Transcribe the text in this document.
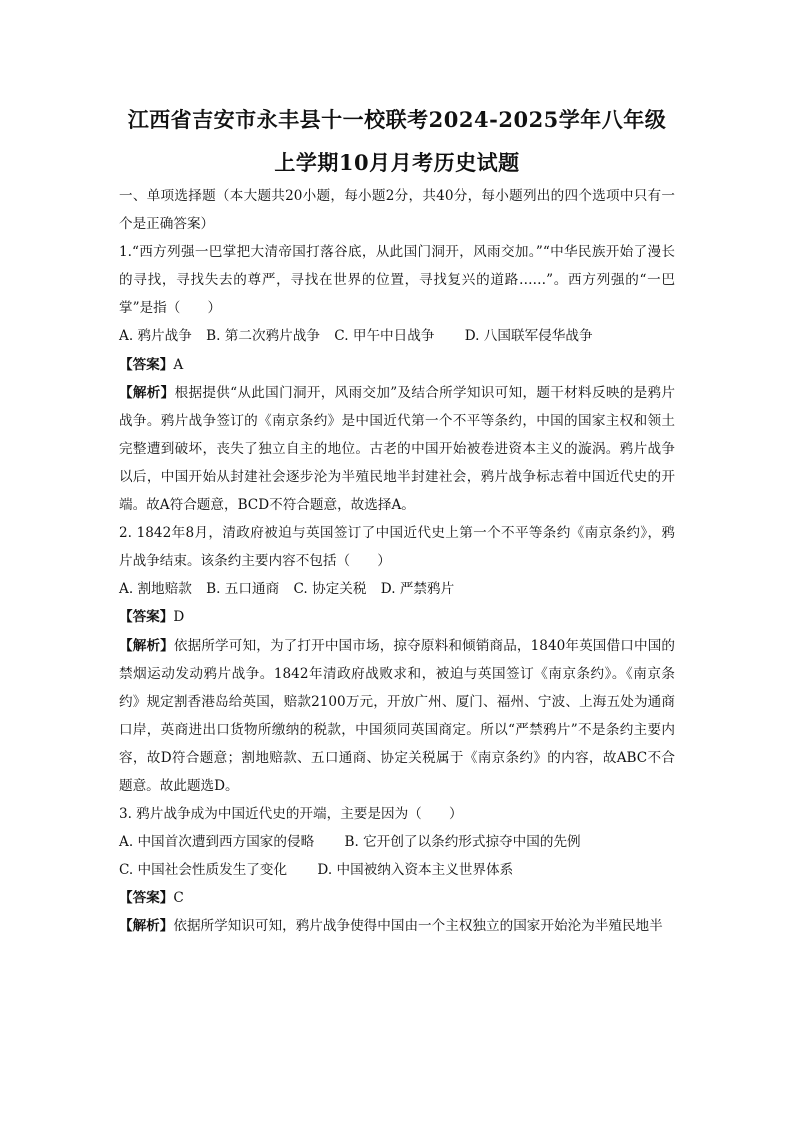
江西省吉安市永丰县十一校联考2024-2025学年八年级
上学期10月月考历史试题

一、单项选择题（本大题共20小题，每小题2分，共40分，每小题列出的四个选项中只有一个是正确答案）

1.“西方列强一巴掌把大清帝国打落谷底，从此国门洞开，风雨交加。”“中华民族开始了漫长的寻找，寻找失去的尊严，寻找在世界的位置，寻找复兴的道路……”。西方列强的“一巴掌”是指（　　）

A. 鸦片战争 B. 第二次鸦片战争 C. 甲午中日战争 D. 八国联军侵华战争

【答案】A

【解析】根据提供“从此国门洞开，风雨交加”及结合所学知识可知，题干材料反映的是鸦片战争。鸦片战争签订的《南京条约》是中国近代第一个不平等条约，中国的国家主权和领土完整遭到破坏，丧失了独立自主的地位。古老的中国开始被卷进资本主义的漩涡。鸦片战争以后，中国开始从封建社会逐步沦为半殖民地半封建社会，鸦片战争标志着中国近代史的开端。故A符合题意，BCD不符合题意，故选择A。

2. 1842年8月，清政府被迫与英国签订了中国近代史上第一个不平等条约《南京条约》，鸦片战争结束。该条约主要内容不包括（　　）

A. 割地赔款 B. 五口通商 C. 协定关税 D. 严禁鸦片

【答案】D

【解析】依据所学可知，为了打开中国市场，掠夺原料和倾销商品，1840年英国借口中国的禁烟运动发动鸦片战争。1842年清政府战败求和，被迫与英国签订《南京条约》。《南京条约》规定割香港岛给英国，赔款2100万元，开放广州、厦门、福州、宁波、上海五处为通商口岸，英商进出口货物所缴纳的税款，中国须同英国商定。所以“严禁鸦片”不是条约主要内容，故D符合题意；割地赔款、五口通商、协定关税属于《南京条约》的内容，故ABC不合题意。故此题选D。

3. 鸦片战争成为中国近代史的开端，主要是因为（　　）

A. 中国首次遭到西方国家的侵略 B. 它开创了以条约形式掠夺中国的先例

C. 中国社会性质发生了变化 D. 中国被纳入资本主义世界体系

【答案】C

【解析】依据所学知识可知，鸦片战争使得中国由一个主权独立的国家开始沦为半殖民地半
